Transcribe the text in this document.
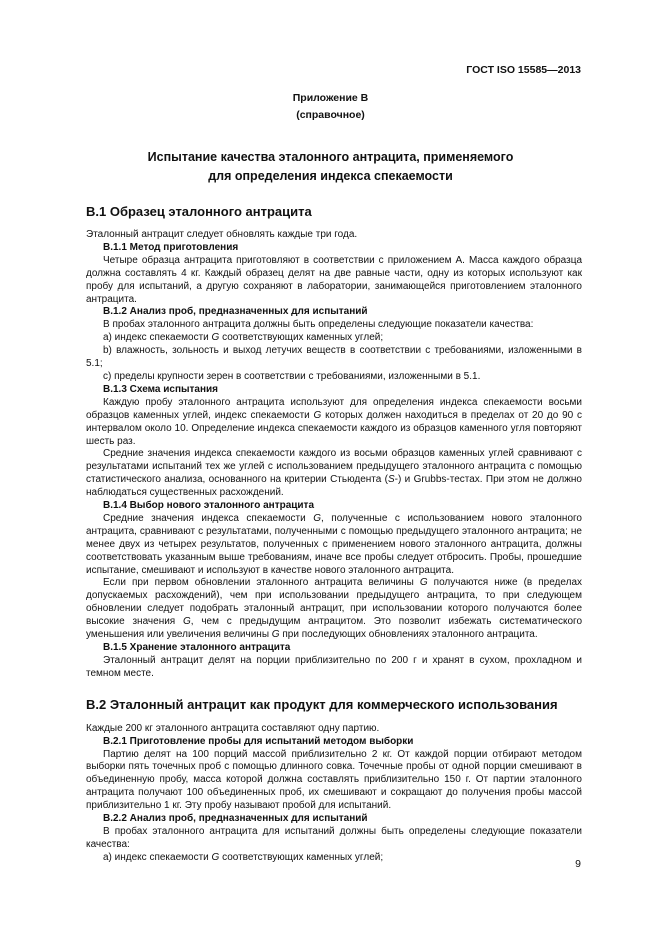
ГОСТ ISO 15585—2013
Приложение В
(справочное)
Испытание качества эталонного антрацита, применяемого
для определения индекса спекаемости
В.1 Образец эталонного антрацита

Эталонный антрацит следует обновлять каждые три года.

В.1.1 Метод приготовления

Четыре образца антрацита приготовляют в соответствии с приложением А. Масса каждого образца должна составлять 4 кг. Каждый образец делят на две равные части, одну из которых используют как пробу для испытаний, а другую сохраняют в лаборатории, занимающейся приготовлением эталонного антрацита.

В.1.2 Анализ проб, предназначенных для испытаний

В пробах эталонного антрацита должны быть определены следующие показатели качества:

а) индекс спекаемости G соответствующих каменных углей;

b) влажность, зольность и выход летучих веществ в соответствии с требованиями, изложенными в 5.1;

c) пределы крупности зерен в соответствии с требованиями, изложенными в 5.1.

В.1.3 Схема испытания

Каждую пробу эталонного антрацита используют для определения индекса спекаемости восьми образцов каменных углей, индекс спекаемости G которых должен находиться в пределах от 20 до 90 с интервалом около 10. Определение индекса спекаемости каждого из образцов каменного угля повторяют шесть раз.

Средние значения индекса спекаемости каждого из восьми образцов каменных углей сравнивают с результатами испытаний тех же углей с использованием предыдущего эталонного антрацита с помощью статистического анализа, основанного на критерии Стьюдента (S-) и Grubbs-тестах. При этом не должно наблюдаться существенных расхождений.

В.1.4 Выбор нового эталонного антрацита

Средние значения индекса спекаемости G, полученные с использованием нового эталонного антрацита, сравнивают с результатами, полученными с помощью предыдущего эталонного антрацита; не менее двух из четырех результатов, полученных с применением нового эталонного антрацита, должны соответствовать указанным выше требованиям, иначе все пробы следует отбросить. Пробы, прошедшие испытание, смешивают и используют в качестве нового эталонного антрацита.

Если при первом обновлении эталонного антрацита величины G получаются ниже (в пределах допускаемых расхождений), чем при использовании предыдущего антрацита, то при следующем обновлении следует подобрать эталонный антрацит, при использовании которого получаются более высокие значения G, чем с предыдущим антрацитом. Это позволит избежать систематического уменьшения или увеличения величины G при последующих обновлениях эталонного антрацита.

В.1.5 Хранение эталонного антрацита

Эталонный антрацит делят на порции приблизительно по 200 г и хранят в сухом, прохладном и темном месте.

В.2 Эталонный антрацит как продукт для коммерческого использования

Каждые 200 кг эталонного антрацита составляют одну партию.

В.2.1 Приготовление пробы для испытаний методом выборки

Партию делят на 100 порций массой приблизительно 2 кг. От каждой порции отбирают методом выборки пять точечных проб с помощью длинного совка. Точечные пробы от одной порции смешивают в объединенную пробу, масса которой должна составлять приблизительно 150 г. От партии эталонного антрацита получают 100 объединенных проб, их смешивают и сокращают до получения пробы массой приблизительно 1 кг. Эту пробу называют пробой для испытаний.

В.2.2 Анализ проб, предназначенных для испытаний

В пробах эталонного антрацита для испытаний должны быть определены следующие показатели качества:

а) индекс спекаемости G соответствующих каменных углей;

9
